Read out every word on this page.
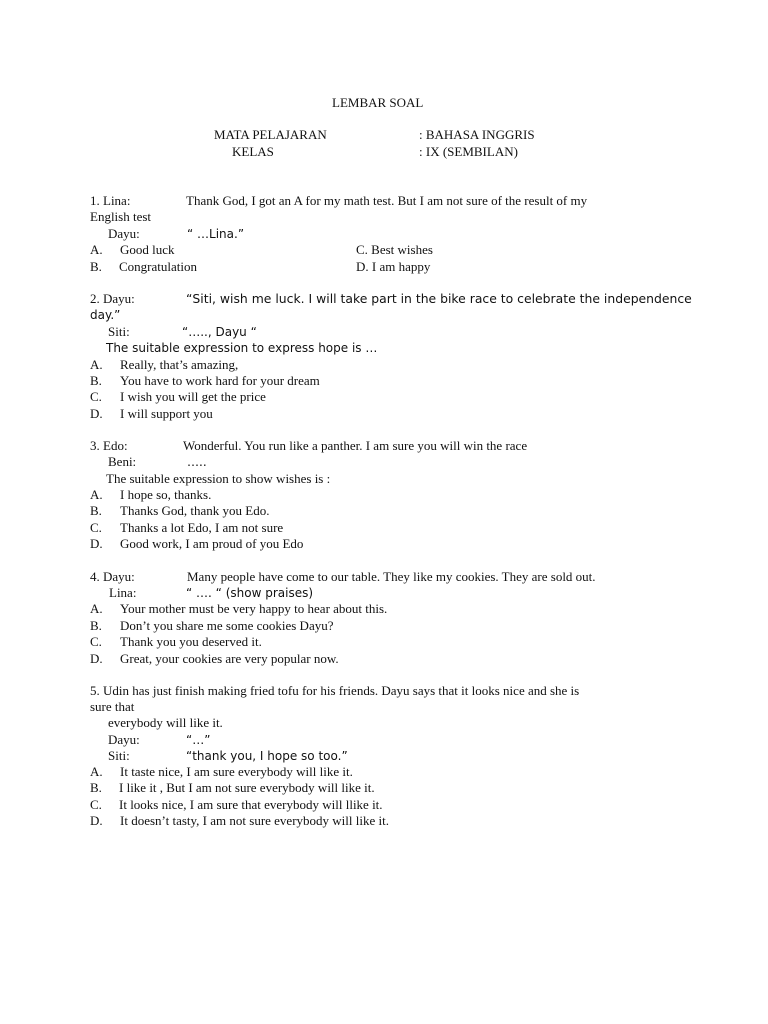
LEMBAR SOAL
MATA PELAJARAN	: BAHASA INGGRIS
KELAS	: IX (SEMBILAN)
1. Lina:	Thank God, I got an A for my math test. But I am not sure of the result of my
English test
Dayu:	“ …Lina.”
A. Good luck	C. Best wishes
B. Congratulation	D. I am happy
2. Dayu:	“Siti, wish me luck. I will take part in the bike race to celebrate the independence
day.”
Siti:	“….., Dayu “
The suitable expression to express hope is …
A. Really, that’s amazing,
B. You have to work hard for your dream
C. I wish you will get the price
D. I will support you
3. Edo:	Wonderful. You run like a panther. I am sure you will win the race
Beni:	…..
The suitable expression to show wishes is :
A. I hope so, thanks.
B. Thanks God, thank you Edo.
C. Thanks a lot Edo, I am not sure
D. Good work, I am proud of you Edo
4. Dayu:	Many people have come to our table. They like my cookies. They are sold out.
Lina:	“ …. “ (show praises)
A. Your mother must be very happy to hear about this.
B. Don’t you share me some cookies Dayu?
C. Thank you you deserved it.
D. Great, your cookies are very popular now.
5. Udin has just finish making fried tofu for his friends. Dayu says that it looks nice and she is
sure that
everybody will like it.
Dayu:	“…”
Siti:	“thank you, I hope so too.”
A. It taste nice, I am sure everybody will like it.
B. I like it , But I am not sure everybody will like it.
C. It looks nice, I am sure that everybody will llike it.
D. It doesn’t tasty, I am not sure everybody will like it.
